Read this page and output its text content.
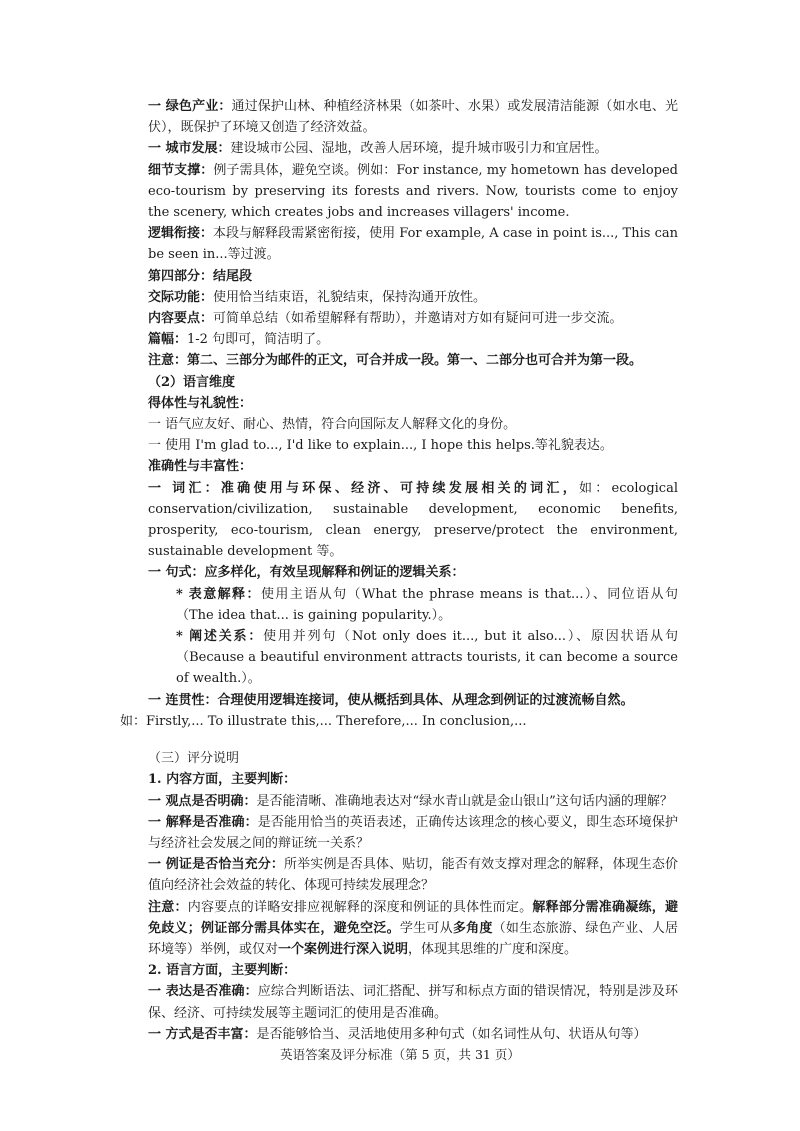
一 绿色产业：通过保护山林、种植经济林果（如茶叶、水果）或发展清洁能源（如水电、光伏），既保护了环境又创造了经济效益。

一 城市发展：建设城市公园、湿地，改善人居环境，提升城市吸引力和宜居性。

细节支撑：例子需具体，避免空谈。例如：For instance, my hometown has developed eco-tourism by preserving its forests and rivers. Now, tourists come to enjoy the scenery, which creates jobs and increases villagers' income.

逻辑衔接：本段与解释段需紧密衔接，使用 For example, A case in point is..., This can be seen in...等过渡。

第四部分：结尾段

交际功能：使用恰当结束语，礼貌结束，保持沟通开放性。

内容要点：可简单总结（如希望解释有帮助），并邀请对方如有疑问可进一步交流。

篇幅：1-2 句即可，简洁明了。

注意：第二、三部分为邮件的正文，可合并成一段。第一、二部分也可合并为第一段。

（2）语言维度

得体性与礼貌性：

一 语气应友好、耐心、热情，符合向国际友人解释文化的身份。

一 使用 I'm glad to..., I'd like to explain..., I hope this helps.等礼貌表达。

准确性与丰富性：

一 词汇：准确使用与环保、经济、可持续发展相关的词汇，如：ecological conservation/civilization, sustainable development, economic benefits, prosperity, eco-tourism, clean energy, preserve/protect the environment, sustainable development 等。

一 句式：应多样化，有效呈现解释和例证的逻辑关系：

* 表意解释：使用主语从句（What the phrase means is that...）、同位语从句（The idea that... is gaining popularity.）。

* 阐述关系：使用并列句（Not only does it..., but it also...）、原因状语从句（Because a beautiful environment attracts tourists, it can become a source of wealth.）。

一 连贯性：合理使用逻辑连接词，使从概括到具体、从理念到例证的过渡流畅自然。

如：Firstly,... To illustrate this,... Therefore,... In conclusion,...

（三）评分说明

1. 内容方面，主要判断：

一 观点是否明确：是否能清晰、准确地表达对“绿水青山就是金山银山”这句话内涵的理解？

一 解释是否准确：是否能用恰当的英语表述，正确传达该理念的核心要义，即生态环境保护与经济社会发展之间的辩证统一关系？

一 例证是否恰当充分：所举实例是否具体、贴切，能否有效支撑对理念的解释，体现生态价值向经济社会效益的转化、体现可持续发展理念？

注意：内容要点的详略安排应视解释的深度和例证的具体性而定。解释部分需准确凝练，避免歧义；例证部分需具体实在，避免空泛。学生可从多角度（如生态旅游、绿色产业、人居环境等）举例，或仅对一个案例进行深入说明，体现其思维的广度和深度。

2. 语言方面，主要判断：

一 表达是否准确：应综合判断语法、词汇搭配、拼写和标点方面的错误情况，特别是涉及环保、经济、可持续发展等主题词汇的使用是否准确。

一 方式是否丰富：是否能够恰当、灵活地使用多种句式（如名词性从句、状语从句等）

英语答案及评分标准（第 5 页，共 31 页）
